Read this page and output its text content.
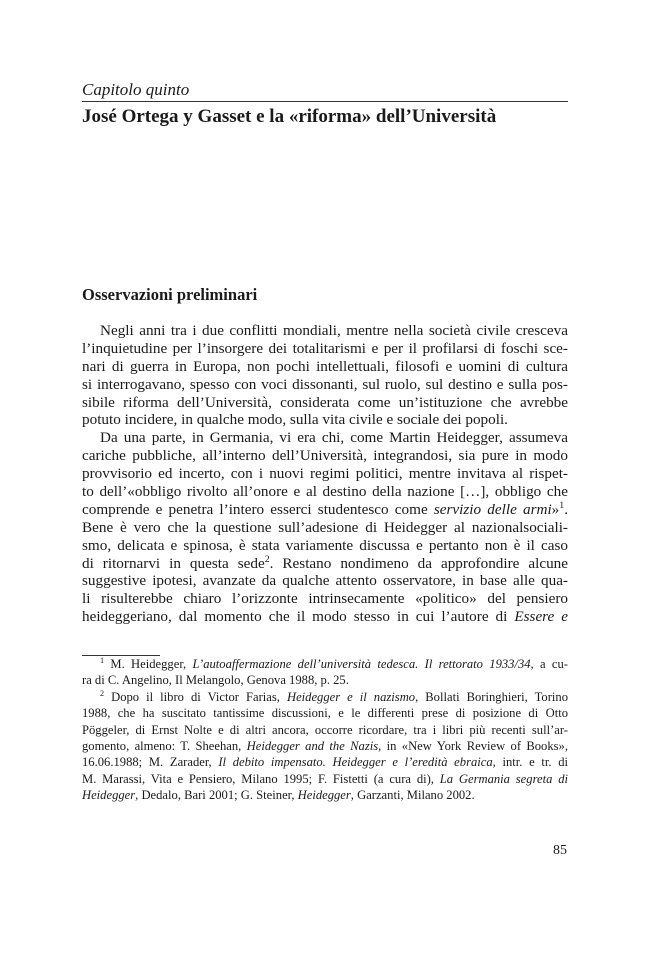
Capitolo quinto
José Ortega y Gasset e la «riforma» dell’Università
Osservazioni preliminari
Negli anni tra i due conflitti mondiali, mentre nella società civile cresceva
l’inquietudine per l’insorgere dei totalitarismi e per il profilarsi di foschi sce-
nari di guerra in Europa, non pochi intellettuali, filosofi e uomini di cultura
si interrogavano, spesso con voci dissonanti, sul ruolo, sul destino e sulla pos-
sibile riforma dell’Università, considerata come un’istituzione che avrebbe
potuto incidere, in qualche modo, sulla vita civile e sociale dei popoli.
Da una parte, in Germania, vi era chi, come Martin Heidegger, assumeva
cariche pubbliche, all’interno dell’Università, integrandosi, sia pure in modo
provvisorio ed incerto, con i nuovi regimi politici, mentre invitava al rispet-
to dell’«obbligo rivolto all’onore e al destino della nazione […], obbligo che
comprende e penetra l’intero esserci studentesco come servizio delle armi»$^1$.
Bene è vero che la questione sull’adesione di Heidegger al nazionalsociali-
smo, delicata e spinosa, è stata variamente discussa e pertanto non è il caso
di ritornarvi in questa sede$^2$. Restano nondimeno da approfondire alcune
suggestive ipotesi, avanzate da qualche attento osservatore, in base alle qua-
li risulterebbe chiaro l’orizzonte intrinsecamente «politico» del pensiero
heideggeriano, dal momento che il modo stesso in cui l’autore di Essere e
$^1$ M. Heidegger, L’autoaffermazione dell’università tedesca. Il rettorato 1933/34, a cu-
ra di C. Angelino, Il Melangolo, Genova 1988, p. 25.
$^2$ Dopo il libro di Victor Farias, Heidegger e il nazismo, Bollati Boringhieri, Torino
1988, che ha suscitato tantissime discussioni, e le differenti prese di posizione di Otto
Pöggeler, di Ernst Nolte e di altri ancora, occorre ricordare, tra i libri più recenti sull’ar-
gomento, almeno: T. Sheehan, Heidegger and the Nazis, in «New York Review of Books»,
16.06.1988; M. Zarader, Il debito impensato. Heidegger e l’eredità ebraica, intr. e tr. di
M. Marassi, Vita e Pensiero, Milano 1995; F. Fistetti (a cura di), La Germania segreta di
Heidegger, Dedalo, Bari 2001; G. Steiner, Heidegger, Garzanti, Milano 2002.
85
